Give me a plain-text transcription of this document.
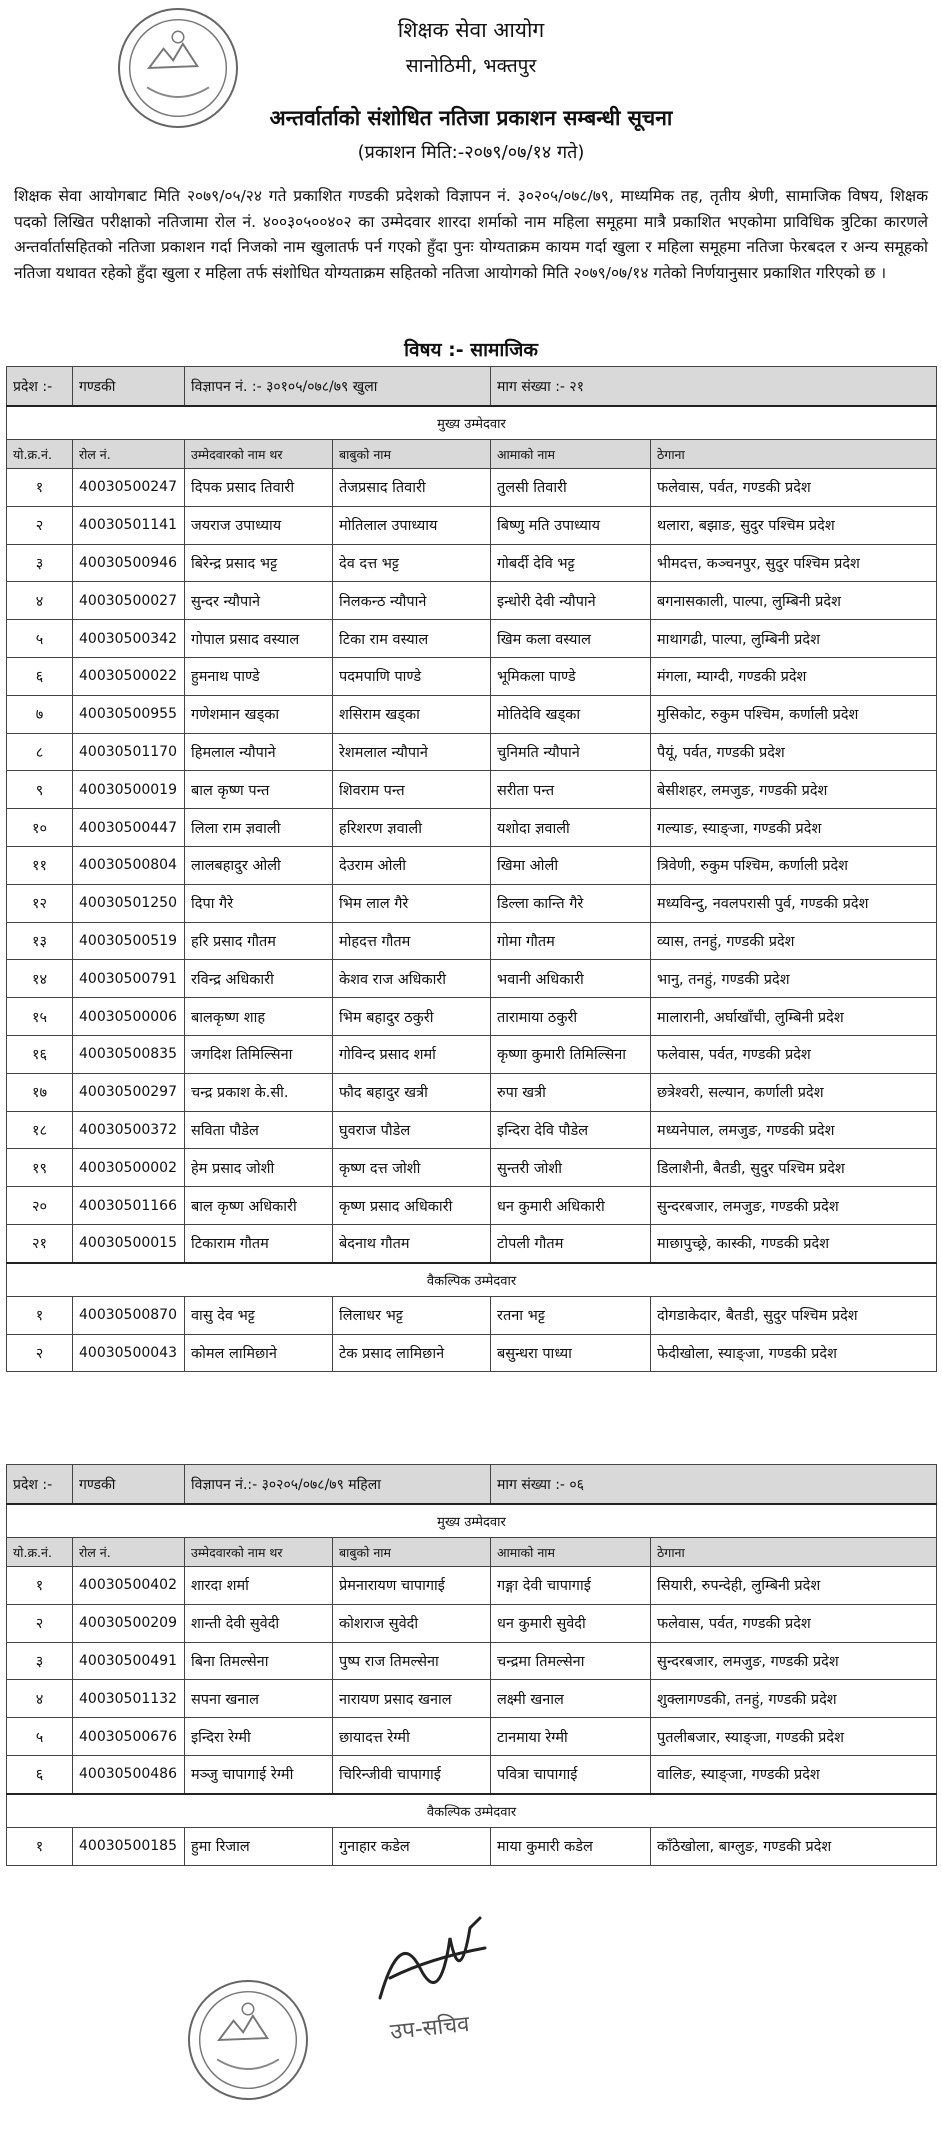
शिक्षक सेवा आयोग
सानोठिमी, भक्तपुर
अन्तर्वार्ताको संशोधित नतिजा प्रकाशन सम्बन्धी सूचना
(प्रकाशन मिति:-२०७९/०७/१४ गते)
शिक्षक सेवा आयोगबाट मिति २०७९/०५/२४ गते प्रकाशित गण्डकी प्रदेशको विज्ञापन नं. ३०२०५/०७८/७९, माध्यमिक तह, तृतीय श्रेणी, सामाजिक विषय, शिक्षक पदको लिखित परीक्षाको नतिजामा रोल नं. ४००३०५००४०२ का उम्मेदवार शारदा शर्माको नाम महिला समूहमा मात्रै प्रकाशित भएकोमा प्राविधिक त्रुटिका कारणले अन्तर्वार्तासहितको नतिजा प्रकाशन गर्दा निजको नाम खुलातर्फ पर्न गएको हुँदा पुनः योग्यताक्रम कायम गर्दा खुला र महिला समूहमा नतिजा फेरबदल र अन्य समूहको नतिजा यथावत रहेको हुँदा खुला र महिला तर्फ संशोधित योग्यताक्रम सहितको नतिजा आयोगको मिति २०७९/०७/१४ गतेको निर्णयानुसार प्रकाशित गरिएको छ ।
विषय :- सामाजिक
प्रदेश :-	गण्डकी	विज्ञापन नं. :- ३०१०५/०७८/७९ खुला		माग संख्या :- २१	
मुख्य उम्मेदवार					
यो.क्र.नं.	रोल नं.	उम्मेदवारको नाम थर	बाबुको नाम	आमाको नाम	ठेगाना
१	40030500247	दिपक प्रसाद तिवारी	तेजप्रसाद तिवारी	तुलसी तिवारी	फलेवास, पर्वत, गण्डकी प्रदेश
२	40030501141	जयराज उपाध्याय	मोतिलाल उपाध्याय	बिष्णु मति उपाध्याय	थलारा, बझाङ, सुदुर पश्चिम प्रदेश
३	40030500946	बिरेन्द्र प्रसाद भट्ट	देव दत्त भट्ट	गोबर्दी देवि भट्ट	भीमदत्त, कञ्चनपुर, सुदुर पश्चिम प्रदेश
४	40030500027	सुन्दर न्यौपाने	निलकन्ठ न्यौपाने	इन्धोरी देवी न्यौपाने	बगनासकाली, पाल्पा, लुम्बिनी प्रदेश
५	40030500342	गोपाल प्रसाद वस्याल	टिका राम वस्याल	खिम कला वस्याल	माथागढी, पाल्पा, लुम्बिनी प्रदेश
६	40030500022	हुमनाथ पाण्डे	पदमपाणि पाण्डे	भूमिकला पाण्डे	मंगला, म्याग्दी, गण्डकी प्रदेश
७	40030500955	गणेशमान खड्का	शसिराम खड्का	मोतिदेवि खड्का	मुसिकोट, रुकुम पश्चिम, कर्णाली प्रदेश
८	40030501170	हिमलाल न्यौपाने	रेशमलाल न्यौपाने	चुनिमति न्यौपाने	पैयूं, पर्वत, गण्डकी प्रदेश
९	40030500019	बाल कृष्ण पन्त	शिवराम पन्त	सरीता पन्त	बेसीशहर, लमजुङ, गण्डकी प्रदेश
१०	40030500447	लिला राम ज्ञवाली	हरिशरण ज्ञवाली	यशोदा ज्ञवाली	गल्याङ, स्याङ्जा, गण्डकी प्रदेश
११	40030500804	लालबहादुर ओली	देउराम ओली	खिमा ओली	त्रिवेणी, रुकुम पश्चिम, कर्णाली प्रदेश
१२	40030501250	दिपा गैरे	भिम लाल गैरे	डिल्ला कान्ति गैरे	मध्यविन्दु, नवलपरासी पुर्व, गण्डकी प्रदेश
१३	40030500519	हरि प्रसाद गौतम	मोहदत्त गौतम	गोमा गौतम	व्यास, तनहुं, गण्डकी प्रदेश
१४	40030500791	रविन्द्र अधिकारी	केशव राज अधिकारी	भवानी अधिकारी	भानु, तनहुं, गण्डकी प्रदेश
१५	40030500006	बालकृष्ण शाह	भिम बहादुर ठकुरी	तारामाया ठकुरी	मालारानी, अर्घाखाँची, लुम्बिनी प्रदेश
१६	40030500835	जगदिश तिमिल्सिना	गोविन्द प्रसाद शर्मा	कृष्णा कुमारी तिमिल्सिना	फलेवास, पर्वत, गण्डकी प्रदेश
१७	40030500297	चन्द्र प्रकाश के.सी.	फौद बहादुर खत्री	रुपा खत्री	छत्रेश्वरी, सल्यान, कर्णाली प्रदेश
१८	40030500372	सविता पौडेल	घुवराज पौडेल	इन्दिरा देवि पौडेल	मध्यनेपाल, लमजुङ, गण्डकी प्रदेश
१९	40030500002	हेम प्रसाद जोशी	कृष्ण दत्त जोशी	सुन्तरी जोशी	डिलाशैनी, बैतडी, सुदुर पश्चिम प्रदेश
२०	40030501166	बाल कृष्ण अधिकारी	कृष्ण प्रसाद अधिकारी	धन कुमारी अधिकारी	सुन्दरबजार, लमजुङ, गण्डकी प्रदेश
२१	40030500015	टिकाराम गौतम	बेदनाथ गौतम	टोपली गौतम	माछापुच्छ्रे, कास्की, गण्डकी प्रदेश
वैकल्पिक उम्मेदवार					
१	40030500870	वासु देव भट्ट	लिलाधर भट्ट	रतना भट्ट	दोगडाकेदार, बैतडी, सुदुर पश्चिम प्रदेश
२	40030500043	कोमल लामिछाने	टेक प्रसाद लामिछाने	बसुन्धरा पाध्या	फेदीखोला, स्याङ्जा, गण्डकी प्रदेश
प्रदेश :-	गण्डकी	विज्ञापन नं.:- ३०२०५/०७८/७९ महिला		माग संख्या :- ०६	
मुख्य उम्मेदवार					
यो.क्र.नं.	रोल नं.	उम्मेदवारको नाम थर	बाबुको नाम	आमाको नाम	ठेगाना
१	40030500402	शारदा शर्मा	प्रेमनारायण चापागाई	गङ्गा देवी चापागाई	सियारी, रुपन्देही, लुम्बिनी प्रदेश
२	40030500209	शान्ती देवी सुवेदी	कोशराज सुवेदी	धन कुमारी सुवेदी	फलेवास, पर्वत, गण्डकी प्रदेश
३	40030500491	बिना तिमल्सेना	पुष्प राज तिमल्सेना	चन्द्रमा तिमल्सेना	सुन्दरबजार, लमजुङ, गण्डकी प्रदेश
४	40030501132	सपना खनाल	नारायण प्रसाद खनाल	लक्ष्मी खनाल	शुक्लागण्डकी, तनहुं, गण्डकी प्रदेश
५	40030500676	इन्दिरा रेग्मी	छायादत्त रेग्मी	टानमाया रेग्मी	पुतलीबजार, स्याङ्जा, गण्डकी प्रदेश
६	40030500486	मञ्जु चापागाई रेग्मी	चिरिन्जीवी चापागाई	पवित्रा चापागाई	वालिङ, स्याङ्जा, गण्डकी प्रदेश
वैकल्पिक उम्मेदवार					
१	40030500185	हुमा रिजाल	गुनाहार कडेल	माया कुमारी कडेल	काँठेखोला, बाग्लुङ, गण्डकी प्रदेश
उप-सचिव
